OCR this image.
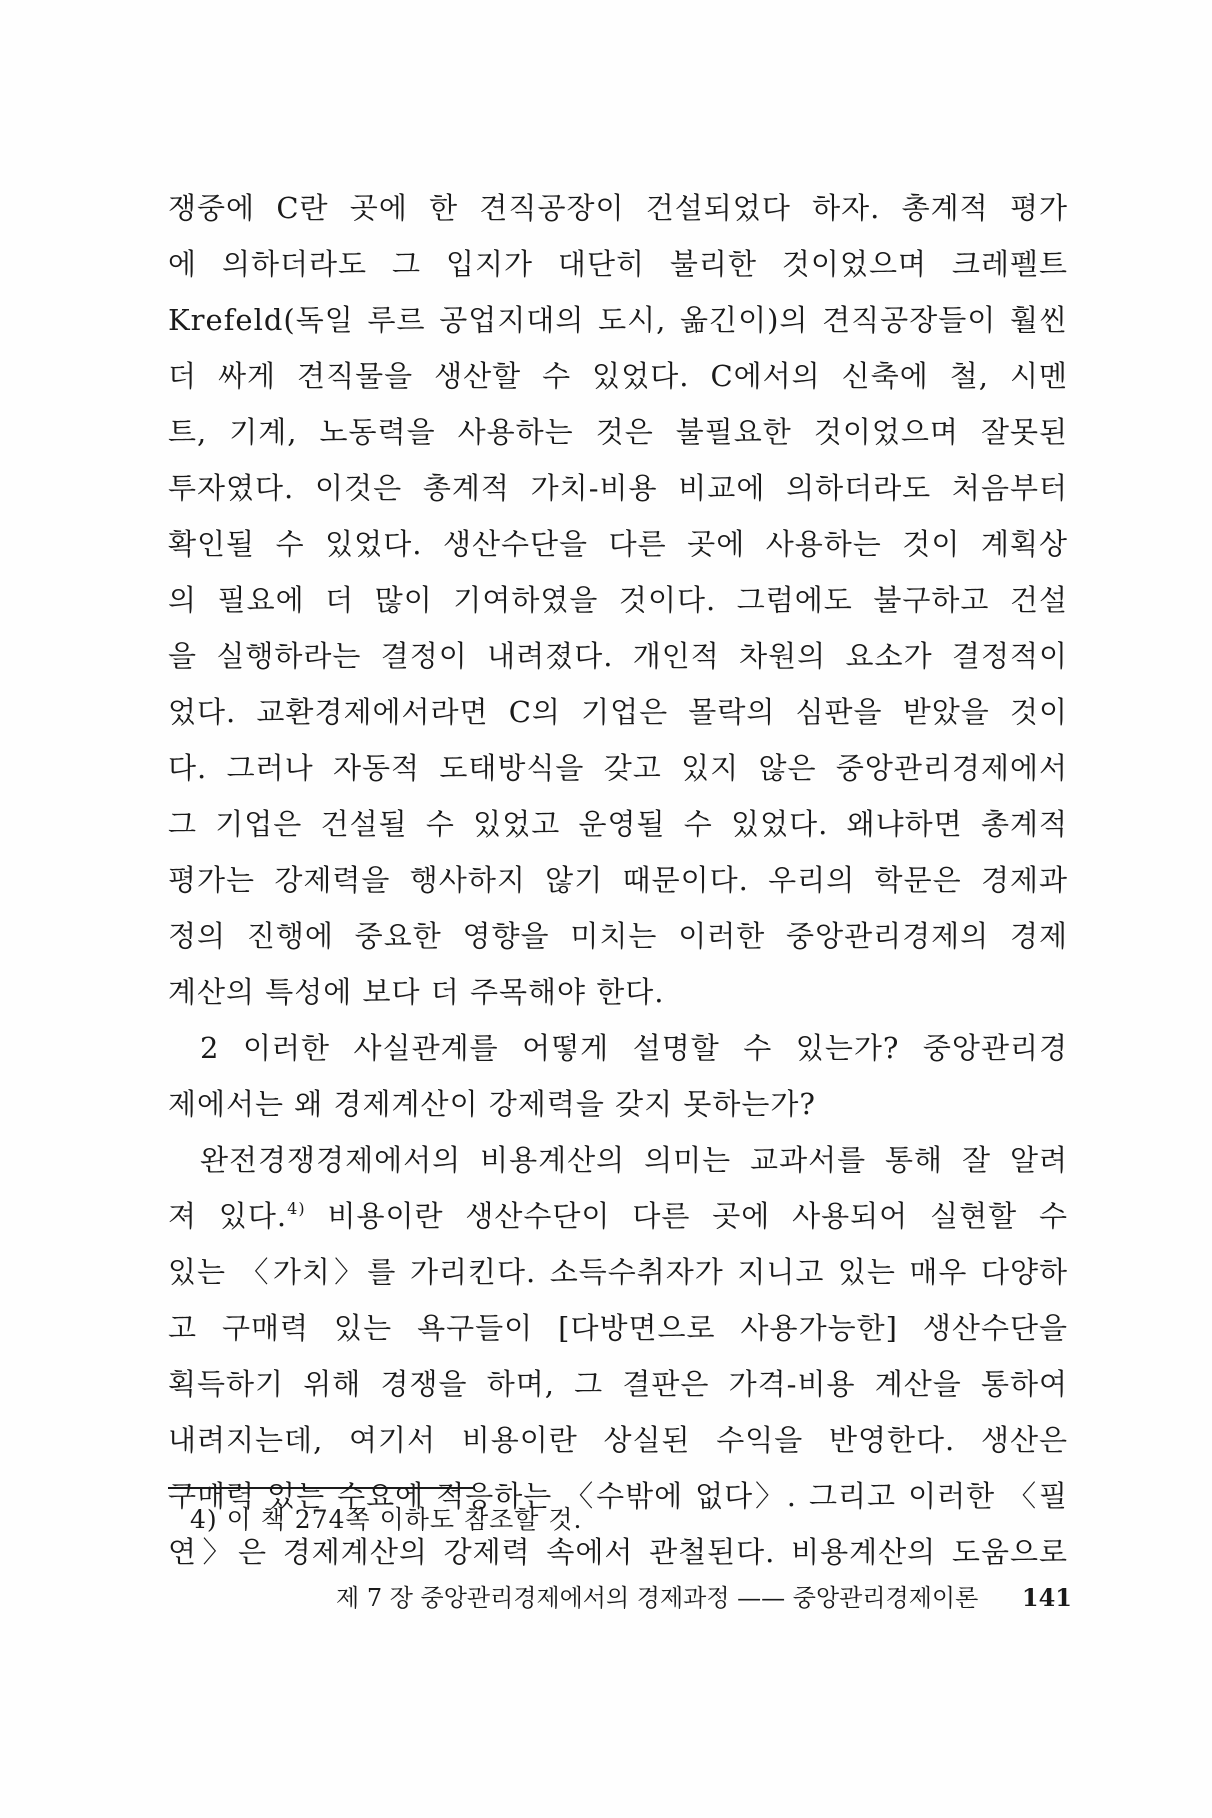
쟁중에 C란 곳에 한 견직공장이 건설되었다 하자. 총계적 평가
에 의하더라도 그 입지가 대단히 불리한 것이었으며 크레펠트
Krefeld(독일 루르 공업지대의 도시, 옮긴이)의 견직공장들이 훨씬
더 싸게 견직물을 생산할 수 있었다. C에서의 신축에 철, 시멘
트, 기계, 노동력을 사용하는 것은 불필요한 것이었으며 잘못된
투자였다. 이것은 총계적 가치-비용 비교에 의하더라도 처음부터
확인될 수 있었다. 생산수단을 다른 곳에 사용하는 것이 계획상
의 필요에 더 많이 기여하였을 것이다. 그럼에도 불구하고 건설
을 실행하라는 결정이 내려졌다. 개인적 차원의 요소가 결정적이
었다. 교환경제에서라면 C의 기업은 몰락의 심판을 받았을 것이
다. 그러나 자동적 도태방식을 갖고 있지 않은 중앙관리경제에서
그 기업은 건설될 수 있었고 운영될 수 있었다. 왜냐하면 총계적
평가는 강제력을 행사하지 않기 때문이다. 우리의 학문은 경제과
정의 진행에 중요한 영향을 미치는 이러한 중앙관리경제의 경제
계산의 특성에 보다 더 주목해야 한다.
2 이러한 사실관계를 어떻게 설명할 수 있는가? 중앙관리경
제에서는 왜 경제계산이 강제력을 갖지 못하는가?
완전경쟁경제에서의 비용계산의 의미는 교과서를 통해 잘 알려
져 있다.$^{4)}$ 비용이란 생산수단이 다른 곳에 사용되어 실현할 수
있는 〈가치〉를 가리킨다. 소득수취자가 지니고 있는 매우 다양하
고 구매력 있는 욕구들이 [다방면으로 사용가능한] 생산수단을
획득하기 위해 경쟁을 하며, 그 결판은 가격-비용 계산을 통하여
내려지는데, 여기서 비용이란 상실된 수익을 반영한다. 생산은
구매력 있는 수요에 적응하는 〈수밖에 없다〉. 그리고 이러한 〈필
연〉은 경제계산의 강제력 속에서 관철된다. 비용계산의 도움으로
4) 이 책 274쪽 이하도 참조할 것.
제 7 장 중앙관리경제에서의 경제과정 —— 중앙관리경제이론 141
